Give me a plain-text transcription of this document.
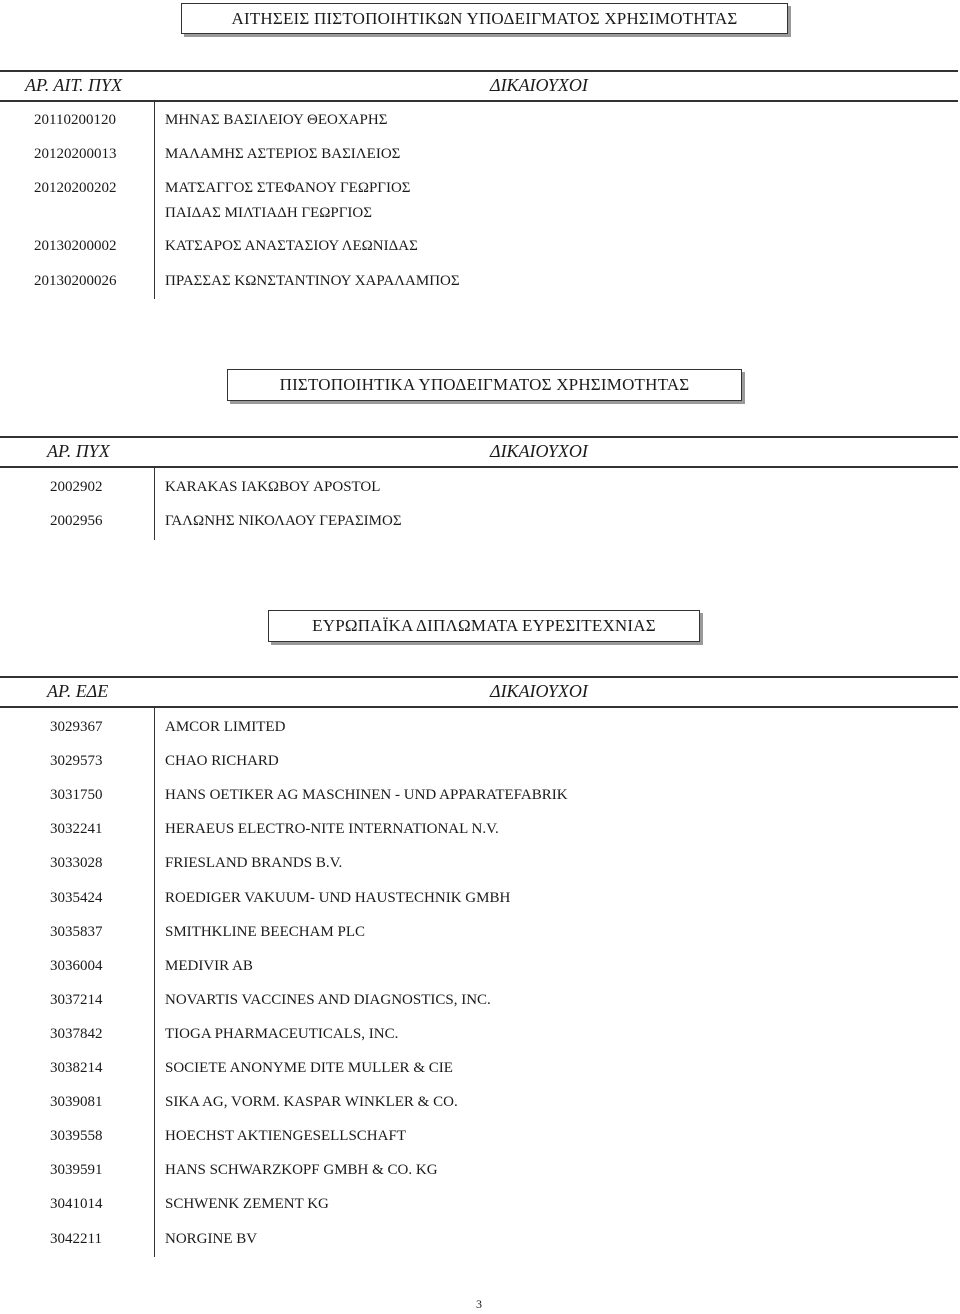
ΑΙΤΗΣΕΙΣ ΠΙΣΤΟΠΟΙΗΤΙΚΩΝ ΥΠΟΔΕΙΓΜΑΤΟΣ ΧΡΗΣΙΜΟΤΗΤΑΣ
ΑΡ. ΑΙΤ. ΠΥΧ	ΔΙΚΑΙΟΥΧΟΙ
20110200120	ΜΗΝΑΣ ΒΑΣΙΛΕΙΟΥ ΘΕΟΧΑΡΗΣ
20120200013	ΜΑΛΑΜΗΣ ΑΣΤΕΡΙΟΣ ΒΑΣΙΛΕΙΟΣ
20120200202	ΜΑΤΣΑΓΓΟΣ ΣΤΕΦΑΝΟΥ ΓΕΩΡΓΙΟΣ
ΠΑΙΔΑΣ ΜΙΛΤΙΑΔΗ ΓΕΩΡΓΙΟΣ
20130200002	ΚΑΤΣΑΡΟΣ ΑΝΑΣΤΑΣΙΟΥ ΛΕΩΝΙΔΑΣ
20130200026	ΠΡΑΣΣΑΣ ΚΩΝΣΤΑΝΤΙΝΟΥ ΧΑΡΑΛΑΜΠΟΣ
ΠΙΣΤΟΠΟΙΗΤΙΚΑ ΥΠΟΔΕΙΓΜΑΤΟΣ ΧΡΗΣΙΜΟΤΗΤΑΣ
ΑΡ. ΠΥΧ	ΔΙΚΑΙΟΥΧΟΙ
2002902	KARAKAS ΙΑΚΩΒΟΥ APOSTOL
2002956	ΓΑΛΩΝΗΣ ΝΙΚΟΛΑΟΥ ΓΕΡΑΣΙΜΟΣ
ΕΥΡΩΠΑΪΚΑ ΔΙΠΛΩΜΑΤΑ ΕΥΡΕΣΙΤΕΧΝΙΑΣ
ΑΡ. ΕΔΕ	ΔΙΚΑΙΟΥΧΟΙ
3029367	AMCOR LIMITED
3029573	CHAO RICHARD
3031750	HANS OETIKER AG MASCHINEN - UND APPARATEFABRIK
3032241	HERAEUS ELECTRO-NITE INTERNATIONAL N.V.
3033028	FRIESLAND BRANDS B.V.
3035424	ROEDIGER VAKUUM- UND HAUSTECHNIK GMBH
3035837	SMITHKLINE BEECHAM PLC
3036004	MEDIVIR AB
3037214	NOVARTIS VACCINES AND DIAGNOSTICS, INC.
3037842	TIOGA PHARMACEUTICALS, INC.
3038214	SOCIETE ANONYME DITE MULLER & CIE
3039081	SIKA AG, VORM. KASPAR WINKLER & CO.
3039558	HOECHST AKTIENGESELLSCHAFT
3039591	HANS SCHWARZKOPF GMBH & CO. KG
3041014	SCHWENK ZEMENT KG
3042211	NORGINE BV
3
